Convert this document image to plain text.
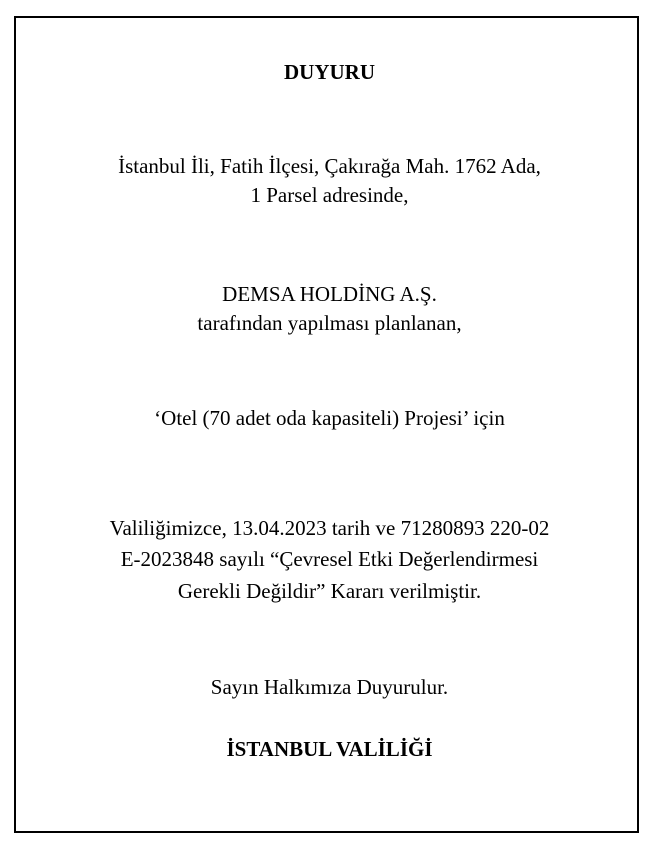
DUYURU
İstanbul İli, Fatih İlçesi, Çakırağa Mah. 1762 Ada,
1 Parsel adresinde,
DEMSA HOLDİNG A.Ş.
tarafından yapılması planlanan,
‘Otel (70 adet oda kapasiteli) Projesi’ için
Valiliğimizce, 13.04.2023 tarih ve 71280893 220-02
E-2023848 sayılı “Çevresel Etki Değerlendirmesi
Gerekli Değildir” Kararı verilmiştir.
Sayın Halkımıza Duyurulur.
İSTANBUL VALİLİĞİ
